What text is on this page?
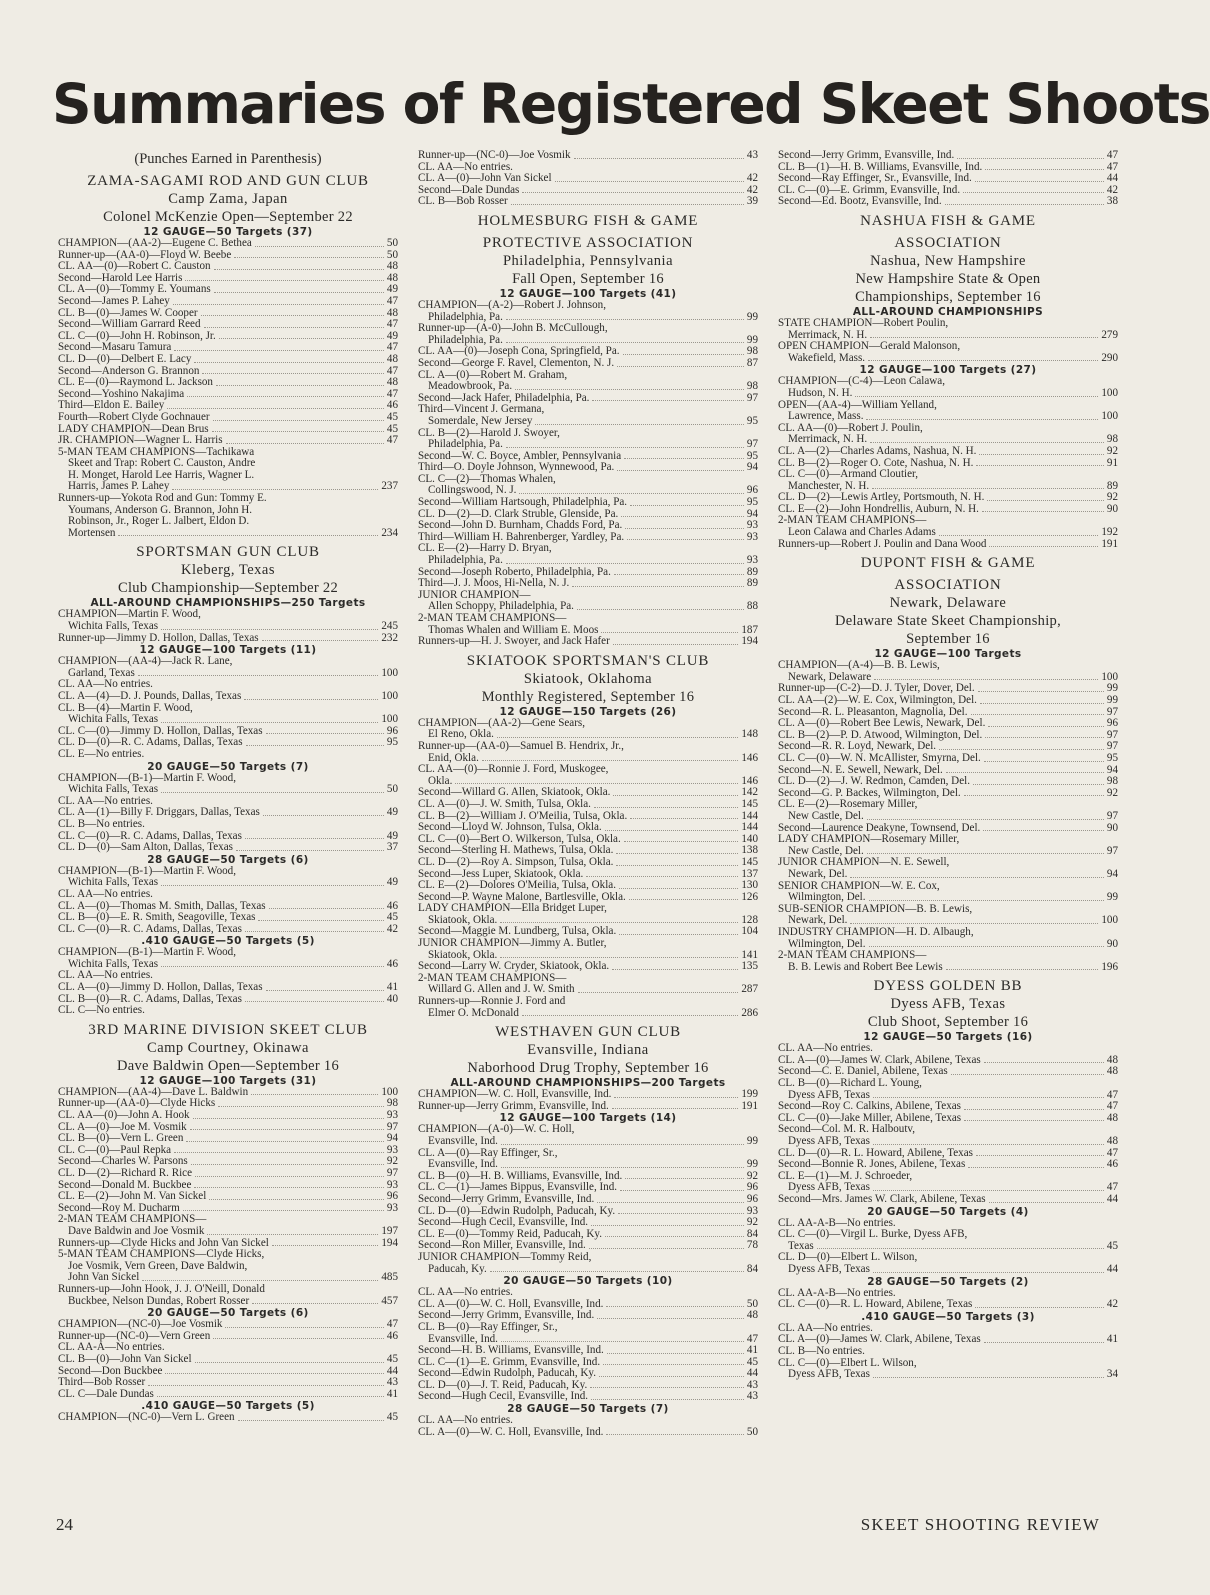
Summaries of Registered Skeet Shoots
(Punches Earned in Parenthesis)
ZAMA-SAGAMI ROD AND GUN CLUB
Camp Zama, Japan
Colonel McKenzie Open—September 22
12 GAUGE—50 Targets (37)
CHAMPION—(AA-2)—Eugene C. Bethea	50
Runner-up—(AA-0)—Floyd W. Beebe	50
CL. AA—(0)—Robert C. Causton	48
Second—Harold Lee Harris	48
CL. A—(0)—Tommy E. Youmans	49
Second—James P. Lahey	47
CL. B—(0)—James W. Cooper	48
Second—William Garrard Reed	47
CL. C—(0)—John H. Robinson, Jr.	49
Second—Masaru Tamura	47
CL. D—(0)—Delbert E. Lacy	48
Second—Anderson G. Brannon	47
CL. E—(0)—Raymond L. Jackson	48
Second—Yoshino Nakajima	47
Third—Eldon E. Bailey	46
Fourth—Robert Clyde Gochnauer	45
LADY CHAMPION—Dean Brus	45
JR. CHAMPION—Wagner L. Harris	47
5-MAN TEAM CHAMPIONS—Tachikawa
Skeet and Trap: Robert C. Causton, Andre
H. Monget, Harold Lee Harris, Wagner L.
Harris, James P. Lahey	237
Runners-up—Yokota Rod and Gun: Tommy E.
Youmans, Anderson G. Brannon, John H.
Robinson, Jr., Roger L. Jalbert, Eldon D.
Mortensen	234
SPORTSMAN GUN CLUB
Kleberg, Texas
Club Championship—September 22
ALL-AROUND CHAMPIONSHIPS—250 Targets
CHAMPION—Martin F. Wood,
Wichita Falls, Texas	245
Runner-up—Jimmy D. Hollon, Dallas, Texas	232
12 GAUGE—100 Targets (11)
CHAMPION—(AA-4)—Jack R. Lane,
Garland, Texas	100
CL. AA—No entries.
CL. A—(4)—D. J. Pounds, Dallas, Texas	100
CL. B—(4)—Martin F. Wood,
Wichita Falls, Texas	100
CL. C—(0)—Jimmy D. Hollon, Dallas, Texas	96
CL. D—(0)—R. C. Adams, Dallas, Texas	95
CL. E—No entries.
20 GAUGE—50 Targets (7)
CHAMPION—(B-1)—Martin F. Wood,
Wichita Falls, Texas	50
CL. AA—No entries.
CL. A—(1)—Billy F. Driggars, Dallas, Texas	49
CL. B—No entries.
CL. C—(0)—R. C. Adams, Dallas, Texas	49
CL. D—(0)—Sam Alton, Dallas, Texas	37
28 GAUGE—50 Targets (6)
CHAMPION—(B-1)—Martin F. Wood,
Wichita Falls, Texas	49
CL. AA—No entries.
CL. A—(0)—Thomas M. Smith, Dallas, Texas	46
CL. B—(0)—E. R. Smith, Seagoville, Texas	45
CL. C—(0)—R. C. Adams, Dallas, Texas	42
.410 GAUGE—50 Targets (5)
CHAMPION—(B-1)—Martin F. Wood,
Wichita Falls, Texas	46
CL. AA—No entries.
CL. A—(0)—Jimmy D. Hollon, Dallas, Texas	41
CL. B—(0)—R. C. Adams, Dallas, Texas	40
CL. C—No entries.
3RD MARINE DIVISION SKEET CLUB
Camp Courtney, Okinawa
Dave Baldwin Open—September 16
12 GAUGE—100 Targets (31)
CHAMPION—(AA-4)—Dave L. Baldwin	100
Runner-up—(AA-0)—Clyde Hicks	98
CL. AA—(0)—John A. Hook	93
CL. A—(0)—Joe M. Vosmik	97
CL. B—(0)—Vern L. Green	94
CL. C—(0)—Paul Repka	93
Second—Charles W. Parsons	92
CL. D—(2)—Richard R. Rice	97
Second—Donald M. Buckbee	93
CL. E—(2)—John M. Van Sickel	96
Second—Roy M. Ducharm	93
2-MAN TEAM CHAMPIONS—
Dave Baldwin and Joe Vosmik	197
Runners-up—Clyde Hicks and John Van Sickel	194
5-MAN TEAM CHAMPIONS—Clyde Hicks,
Joe Vosmik, Vern Green, Dave Baldwin,
John Van Sickel	485
Runners-up—John Hook, J. J. O'Neill, Donald
Buckbee, Nelson Dundas, Robert Rosser	457
20 GAUGE—50 Targets (6)
CHAMPION—(NC-0)—Joe Vosmik	47
Runner-up—(NC-0)—Vern Green	46
CL. AA-A—No entries.
CL. B—(0)—John Van Sickel	45
Second—Don Buckbee	44
Third—Bob Rosser	43
CL. C—Dale Dundas	41
.410 GAUGE—50 Targets (5)
CHAMPION—(NC-0)—Vern L. Green	45
Runner-up—(NC-0)—Joe Vosmik	43
CL. AA—No entries.
CL. A—(0)—John Van Sickel	42
Second—Dale Dundas	42
CL. B—Bob Rosser	39
HOLMESBURG FISH & GAME
PROTECTIVE ASSOCIATION
Philadelphia, Pennsylvania
Fall Open, September 16
12 GAUGE—100 Targets (41)
CHAMPION—(A-2)—Robert J. Johnson,
Philadelphia, Pa.	99
Runner-up—(A-0)—John B. McCullough,
Philadelphia, Pa.	99
CL. AA—(0)—Joseph Cona, Springfield, Pa.	98
Second—George F. Ravel, Clementon, N. J.	87
CL. A—(0)—Robert M. Graham,
Meadowbrook, Pa.	98
Second—Jack Hafer, Philadelphia, Pa.	97
Third—Vincent J. Germana,
Somerdale, New Jersey	95
CL. B—(2)—Harold J. Swoyer,
Philadelphia, Pa.	97
Second—W. C. Boyce, Ambler, Pennsylvania	95
Third—O. Doyle Johnson, Wynnewood, Pa.	94
CL. C—(2)—Thomas Whalen,
Collingswood, N. J.	96
Second—William Hartsough, Philadelphia, Pa.	95
CL. D—(2)—D. Clark Struble, Glenside, Pa.	94
Second—John D. Burnham, Chadds Ford, Pa.	93
Third—William H. Bahrenberger, Yardley, Pa.	93
CL. E—(2)—Harry D. Bryan,
Philadelphia, Pa.	93
Second—Joseph Roberto, Philadelphia, Pa.	89
Third—J. J. Moos, Hi-Nella, N. J.	89
JUNIOR CHAMPION—
Allen Schoppy, Philadelphia, Pa.	88
2-MAN TEAM CHAMPIONS—
Thomas Whalen and William E. Moos	187
Runners-up—H. J. Swoyer, and Jack Hafer	194
SKIATOOK SPORTSMAN'S CLUB
Skiatook, Oklahoma
Monthly Registered, September 16
12 GAUGE—150 Targets (26)
CHAMPION—(AA-2)—Gene Sears,
El Reno, Okla.	148
Runner-up—(AA-0)—Samuel B. Hendrix, Jr.,
Enid, Okla.	146
CL. AA—(0)—Ronnie J. Ford, Muskogee,
Okla.	146
Second—Willard G. Allen, Skiatook, Okla.	142
CL. A—(0)—J. W. Smith, Tulsa, Okla.	145
CL. B—(2)—William J. O'Meilia, Tulsa, Okla.	144
Second—Lloyd W. Johnson, Tulsa, Okla.	144
CL. C—(0)—Bert O. Wilkerson, Tulsa, Okla.	140
Second—Sterling H. Mathews, Tulsa, Okla.	138
CL. D—(2)—Roy A. Simpson, Tulsa, Okla.	145
Second—Jess Luper, Skiatook, Okla.	137
CL. E—(2)—Dolores O'Meilia, Tulsa, Okla.	130
Second—P. Wayne Malone, Bartlesville, Okla.	126
LADY CHAMPION—Ella Bridget Luper,
Skiatook, Okla.	128
Second—Maggie M. Lundberg, Tulsa, Okla.	104
JUNIOR CHAMPION—Jimmy A. Butler,
Skiatook, Okla.	141
Second—Larry W. Cryder, Skiatook, Okla.	135
2-MAN TEAM CHAMPIONS—
Willard G. Allen and J. W. Smith	287
Runners-up—Ronnie J. Ford and
Elmer O. McDonald	286
WESTHAVEN GUN CLUB
Evansville, Indiana
Naborhood Drug Trophy, September 16
ALL-AROUND CHAMPIONSHIPS—200 Targets
CHAMPION—W. C. Holl, Evansville, Ind.	199
Runner-up—Jerry Grimm, Evansville, Ind.	191
12 GAUGE—100 Targets (14)
CHAMPION—(A-0)—W. C. Holl,
Evansville, Ind.	99
CL. A—(0)—Ray Effinger, Sr.,
Evansville, Ind.	99
CL. B—(0)—H. B. Williams, Evansville, Ind.	92
CL. C—(1)—James Bippus, Evansville, Ind.	96
Second—Jerry Grimm, Evansville, Ind.	96
CL. D—(0)—Edwin Rudolph, Paducah, Ky.	93
Second—Hugh Cecil, Evansville, Ind.	92
CL. E—(0)—Tommy Reid, Paducah, Ky.	84
Second—Ron Miller, Evansville, Ind.	78
JUNIOR CHAMPION—Tommy Reid,
Paducah, Ky.	84
20 GAUGE—50 Targets (10)
CL. AA—No entries.
CL. A—(0)—W. C. Holl, Evansville, Ind.	50
Second—Jerry Grimm, Evansville, Ind.	48
CL. B—(0)—Ray Effinger, Sr.,
Evansville, Ind.	47
Second—H. B. Williams, Evansville, Ind.	41
CL. C—(1)—E. Grimm, Evansville, Ind.	45
Second—Edwin Rudolph, Paducah, Ky.	44
CL. D—(0)—J. T. Reid, Paducah, Ky.	43
Second—Hugh Cecil, Evansville, Ind.	43
28 GAUGE—50 Targets (7)
CL. AA—No entries.
CL. A—(0)—W. C. Holl, Evansville, Ind.	50
Second—Jerry Grimm, Evansville, Ind.	47
CL. B—(1)—H. B. Williams, Evansville, Ind.	47
Second—Ray Effinger, Sr., Evansville, Ind.	44
CL. C—(0)—E. Grimm, Evansville, Ind.	42
Second—Ed. Bootz, Evansville, Ind.	38
NASHUA FISH & GAME
ASSOCIATION
Nashua, New Hampshire
New Hampshire State & Open
Championships, September 16
ALL-AROUND CHAMPIONSHIPS
STATE CHAMPION—Robert Poulin,
Merrimack, N. H.	279
OPEN CHAMPION—Gerald Malonson,
Wakefield, Mass.	290
12 GAUGE—100 Targets (27)
CHAMPION—(C-4)—Leon Calawa,
Hudson, N. H.	100
OPEN—(AA-4)—William Yelland,
Lawrence, Mass.	100
CL. AA—(0)—Robert J. Poulin,
Merrimack, N. H.	98
CL. A—(2)—Charles Adams, Nashua, N. H.	92
CL. B—(2)—Roger O. Cote, Nashua, N. H.	91
CL. C—(0)—Armand Cloutier,
Manchester, N. H.	89
CL. D—(2)—Lewis Artley, Portsmouth, N. H.	92
CL. E—(2)—John Hondrellis, Auburn, N. H.	90
2-MAN TEAM CHAMPIONS—
Leon Calawa and Charles Adams	192
Runners-up—Robert J. Poulin and Dana Wood	191
DUPONT FISH & GAME
ASSOCIATION
Newark, Delaware
Delaware State Skeet Championship,
September 16
12 GAUGE—100 Targets
CHAMPION—(A-4)—B. B. Lewis,
Newark, Delaware	100
Runner-up—(C-2)—D. J. Tyler, Dover, Del.	99
CL. AA—(2)—W. E. Cox, Wilmington, Del.	99
Second—R. L. Pleasanton, Magnolia, Del.	97
CL. A—(0)—Robert Bee Lewis, Newark, Del.	96
CL. B—(2)—P. D. Atwood, Wilmington, Del.	97
Second—R. R. Loyd, Newark, Del.	97
CL. C—(0)—W. N. McAllister, Smyrna, Del.	95
Second—N. E. Sewell, Newark, Del.	94
CL. D—(2)—J. W. Redmon, Camden, Del.	98
Second—G. P. Backes, Wilmington, Del.	92
CL. E—(2)—Rosemary Miller,
New Castle, Del.	97
Second—Laurence Deakyne, Townsend, Del.	90
LADY CHAMPION—Rosemary Miller,
New Castle, Del.	97
JUNIOR CHAMPION—N. E. Sewell,
Newark, Del.	94
SENIOR CHAMPION—W. E. Cox,
Wilmington, Del.	99
SUB-SENIOR CHAMPION—B. B. Lewis,
Newark, Del.	100
INDUSTRY CHAMPION—H. D. Albaugh,
Wilmington, Del.	90
2-MAN TEAM CHAMPIONS—
B. B. Lewis and Robert Bee Lewis	196
DYESS GOLDEN BB
Dyess AFB, Texas
Club Shoot, September 16
12 GAUGE—50 Targets (16)
CL. AA—No entries.
CL. A—(0)—James W. Clark, Abilene, Texas	48
Second—C. E. Daniel, Abilene, Texas	48
CL. B—(0)—Richard L. Young,
Dyess AFB, Texas	47
Second—Roy C. Calkins, Abilene, Texas	47
CL. C—(0)—Jake Miller, Abilene, Texas	48
Second—Col. M. R. Halboutv,
Dyess AFB, Texas	48
CL. D—(0)—R. L. Howard, Abilene, Texas	47
Second—Bonnie R. Jones, Abilene, Texas	46
CL. E—(1)—M. J. Schroeder,
Dyess AFB, Texas	47
Second—Mrs. James W. Clark, Abilene, Texas	44
20 GAUGE—50 Targets (4)
CL. AA-A-B—No entries.
CL. C—(0)—Virgil L. Burke, Dyess AFB,
Texas	45
CL. D—(0)—Elbert L. Wilson,
Dyess AFB, Texas	44
28 GAUGE—50 Targets (2)
CL. AA-A-B—No entries.
CL. C—(0)—R. L. Howard, Abilene, Texas	42
.410 GAUGE—50 Targets (3)
CL. AA—No entries.
CL. A—(0)—James W. Clark, Abilene, Texas	41
CL. B—No entries.
CL. C—(0)—Elbert L. Wilson,
Dyess AFB, Texas	34
24	SKEET SHOOTING REVIEW
